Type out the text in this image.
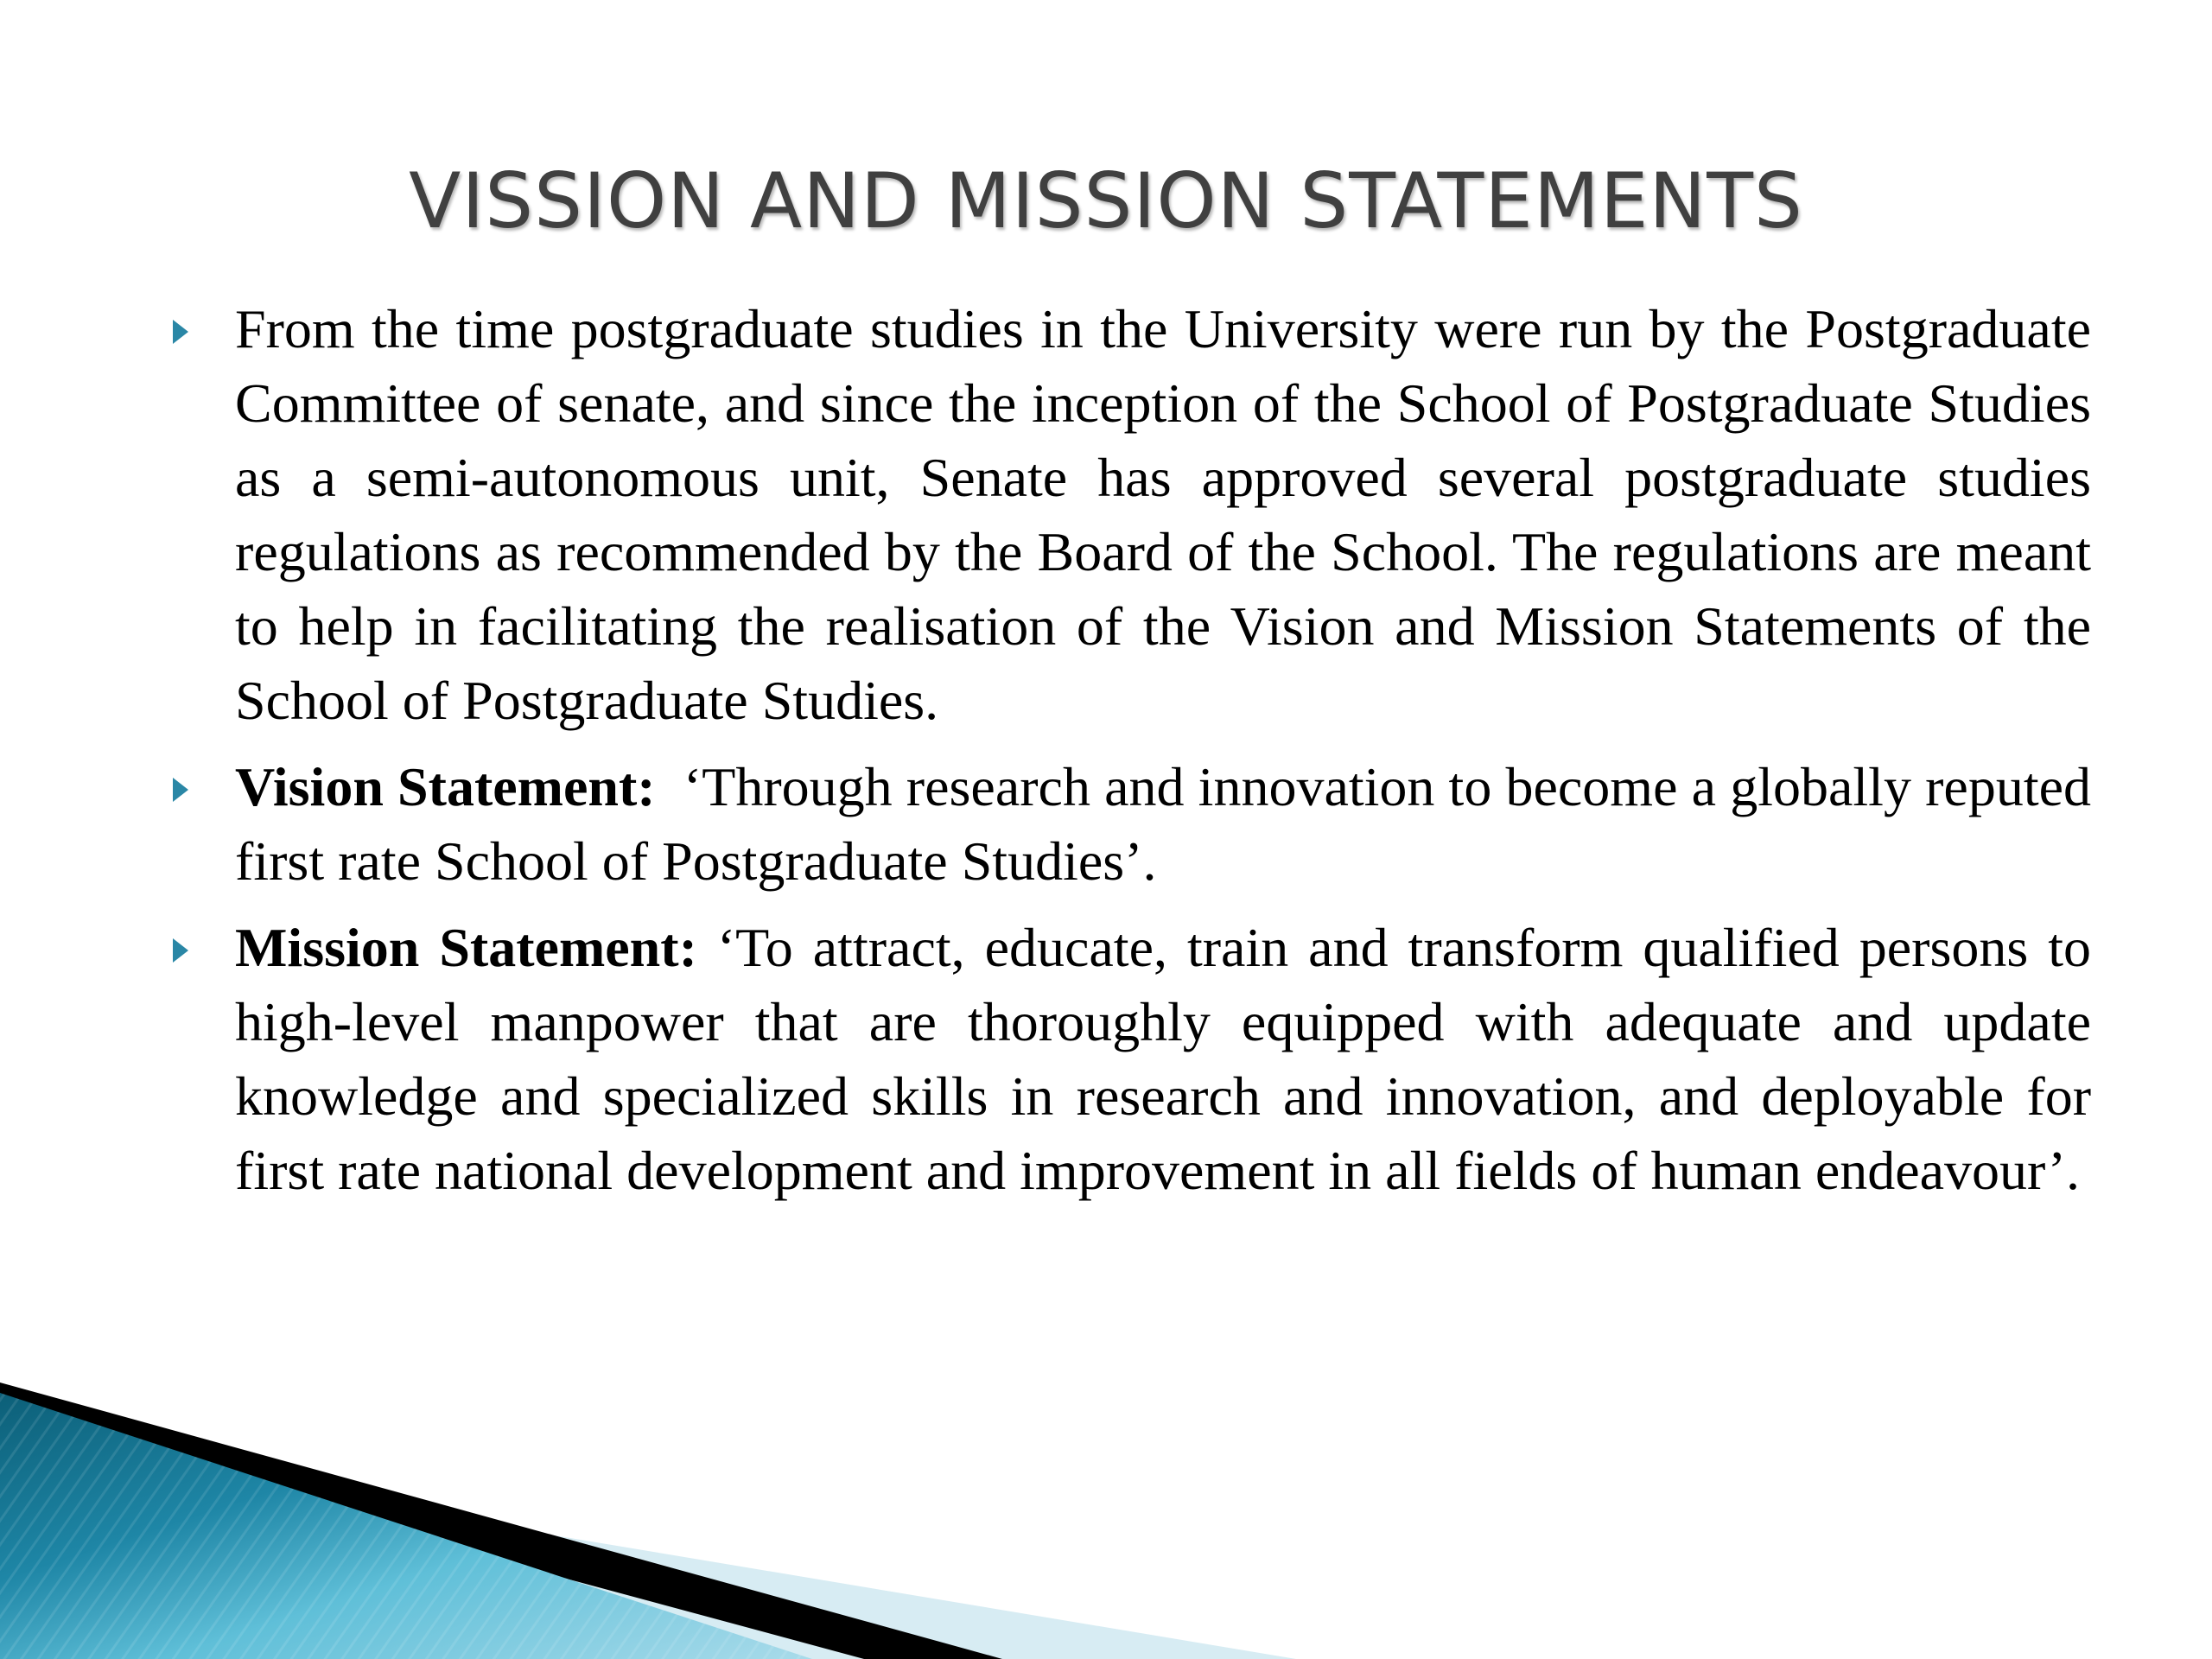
VISSION AND MISSION STATEMENTS
From the time postgraduate studies in the University were run by the Postgraduate Committee of senate, and since the inception of the School of Postgraduate Studies as a semi-autonomous unit, Senate has approved several postgraduate studies regulations as recommended by the Board of the School. The regulations are meant to help in facilitating the realisation of the Vision and Mission Statements of the School of Postgraduate Studies.
Vision Statement:  ‘Through research and innovation to become a globally reputed first rate School of Postgraduate Studies’.
Mission Statement: ‘To attract, educate, train and transform qualified persons to high-level manpower that are thoroughly equipped with adequate and update knowledge and specialized skills in research and innovation, and deployable for first rate national development and improvement in all fields of human endeavour’.
